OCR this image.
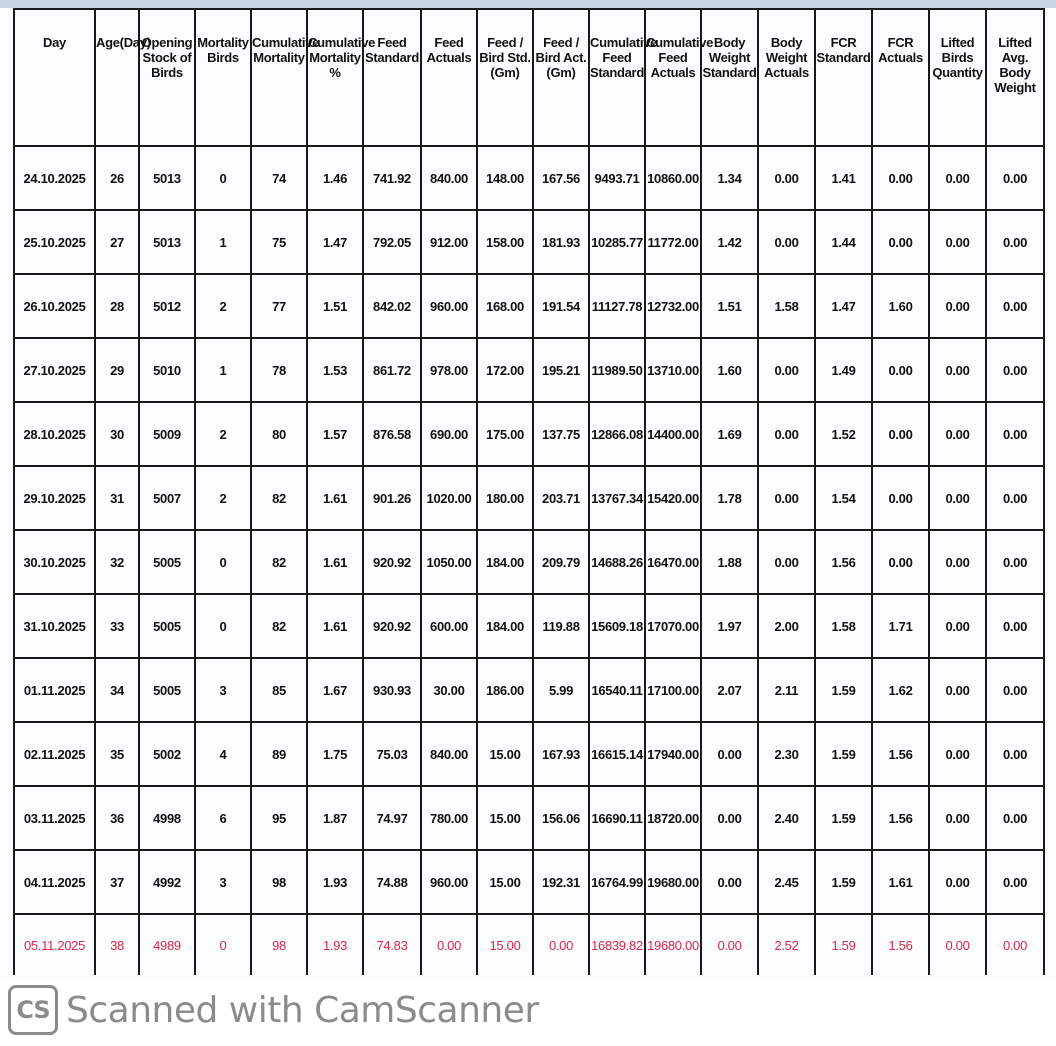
Day	Age(Day)	Opening Stock of Birds	Mortality Birds	Cumulative Mortality	Cumulative Mortality %	Feed Standard	Feed Actuals	Feed / Bird Std. (Gm)	Feed / Bird Act. (Gm)	Cumulative Feed Standard	Cumulative Feed Actuals	Body Weight Standard	Body Weight Actuals	FCR Standard	FCR Actuals	Lifted Birds Quantity	Lifted Avg. Body Weight
24.10.2025	26	5013	0	74	1.46	741.92	840.00	148.00	167.56	9493.71	10860.00	1.34	0.00	1.41	0.00	0.00	0.00
25.10.2025	27	5013	1	75	1.47	792.05	912.00	158.00	181.93	10285.77	11772.00	1.42	0.00	1.44	0.00	0.00	0.00
26.10.2025	28	5012	2	77	1.51	842.02	960.00	168.00	191.54	11127.78	12732.00	1.51	1.58	1.47	1.60	0.00	0.00
27.10.2025	29	5010	1	78	1.53	861.72	978.00	172.00	195.21	11989.50	13710.00	1.60	0.00	1.49	0.00	0.00	0.00
28.10.2025	30	5009	2	80	1.57	876.58	690.00	175.00	137.75	12866.08	14400.00	1.69	0.00	1.52	0.00	0.00	0.00
29.10.2025	31	5007	2	82	1.61	901.26	1020.00	180.00	203.71	13767.34	15420.00	1.78	0.00	1.54	0.00	0.00	0.00
30.10.2025	32	5005	0	82	1.61	920.92	1050.00	184.00	209.79	14688.26	16470.00	1.88	0.00	1.56	0.00	0.00	0.00
31.10.2025	33	5005	0	82	1.61	920.92	600.00	184.00	119.88	15609.18	17070.00	1.97	2.00	1.58	1.71	0.00	0.00
01.11.2025	34	5005	3	85	1.67	930.93	30.00	186.00	5.99	16540.11	17100.00	2.07	2.11	1.59	1.62	0.00	0.00
02.11.2025	35	5002	4	89	1.75	75.03	840.00	15.00	167.93	16615.14	17940.00	0.00	2.30	1.59	1.56	0.00	0.00
03.11.2025	36	4998	6	95	1.87	74.97	780.00	15.00	156.06	16690.11	18720.00	0.00	2.40	1.59	1.56	0.00	0.00
04.11.2025	37	4992	3	98	1.93	74.88	960.00	15.00	192.31	16764.99	19680.00	0.00	2.45	1.59	1.61	0.00	0.00
05.11.2025	38	4989	0	98	1.93	74.83	0.00	15.00	0.00	16839.82	19680.00	0.00	2.52	1.59	1.56	0.00	0.00
CS Scanned with CamScanner
